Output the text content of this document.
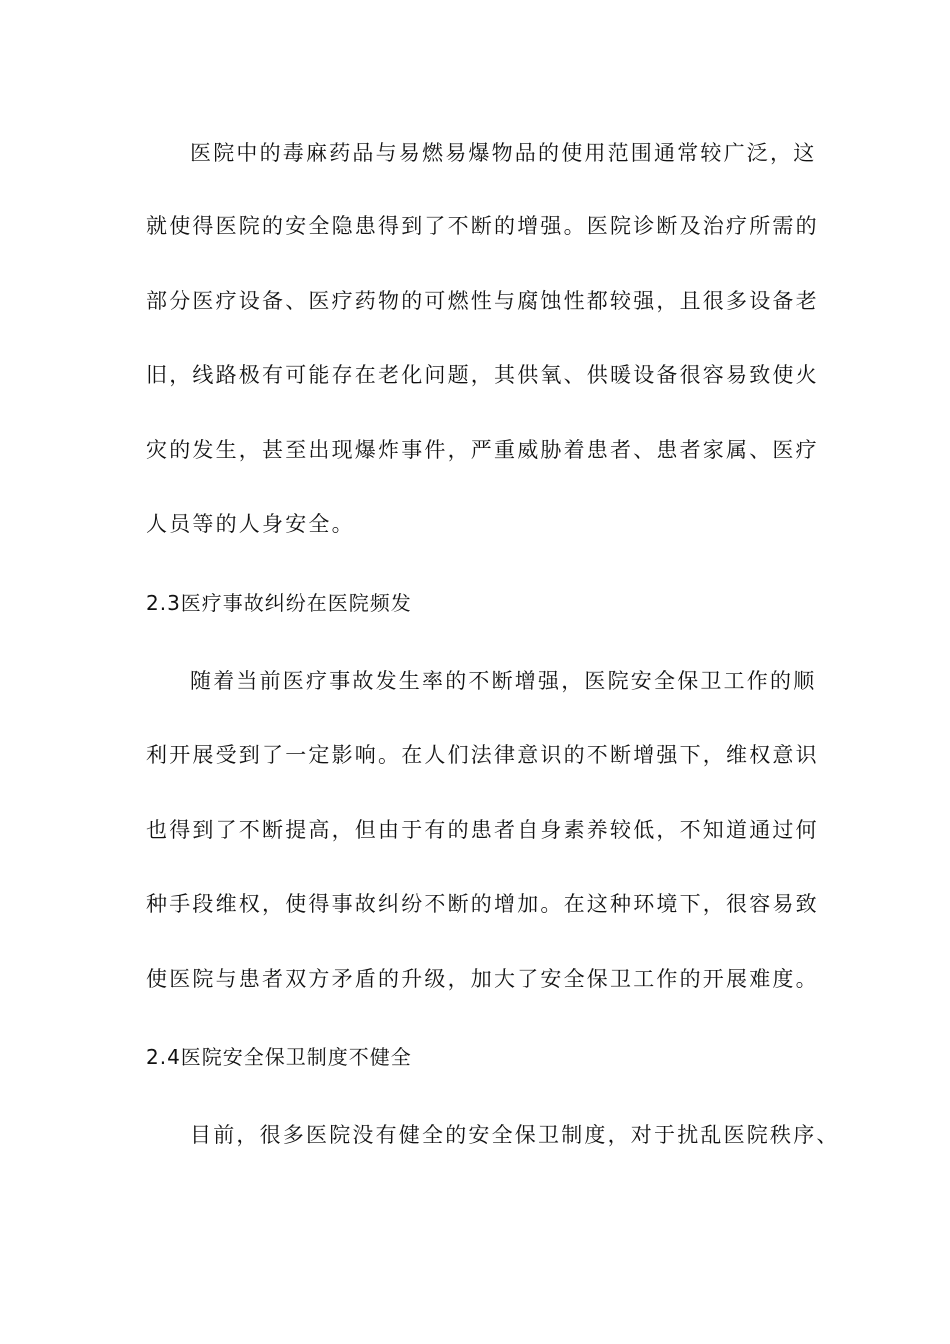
医院中的毒麻药品与易燃易爆物品的使用范围通常较广泛，这
就使得医院的安全隐患得到了不断的增强。医院诊断及治疗所需的
部分医疗设备、医疗药物的可燃性与腐蚀性都较强，且很多设备老
旧，线路极有可能存在老化问题，其供氧、供暖设备很容易致使火
灾的发生，甚至出现爆炸事件，严重威胁着患者、患者家属、医疗
人员等的人身安全。
2.3医疗事故纠纷在医院频发
随着当前医疗事故发生率的不断增强，医院安全保卫工作的顺
利开展受到了一定影响。在人们法律意识的不断增强下，维权意识
也得到了不断提高，但由于有的患者自身素养较低，不知道通过何
种手段维权，使得事故纠纷不断的增加。在这种环境下，很容易致
使医院与患者双方矛盾的升级，加大了安全保卫工作的开展难度。
2.4医院安全保卫制度不健全
目前，很多医院没有健全的安全保卫制度，对于扰乱医院秩序、
